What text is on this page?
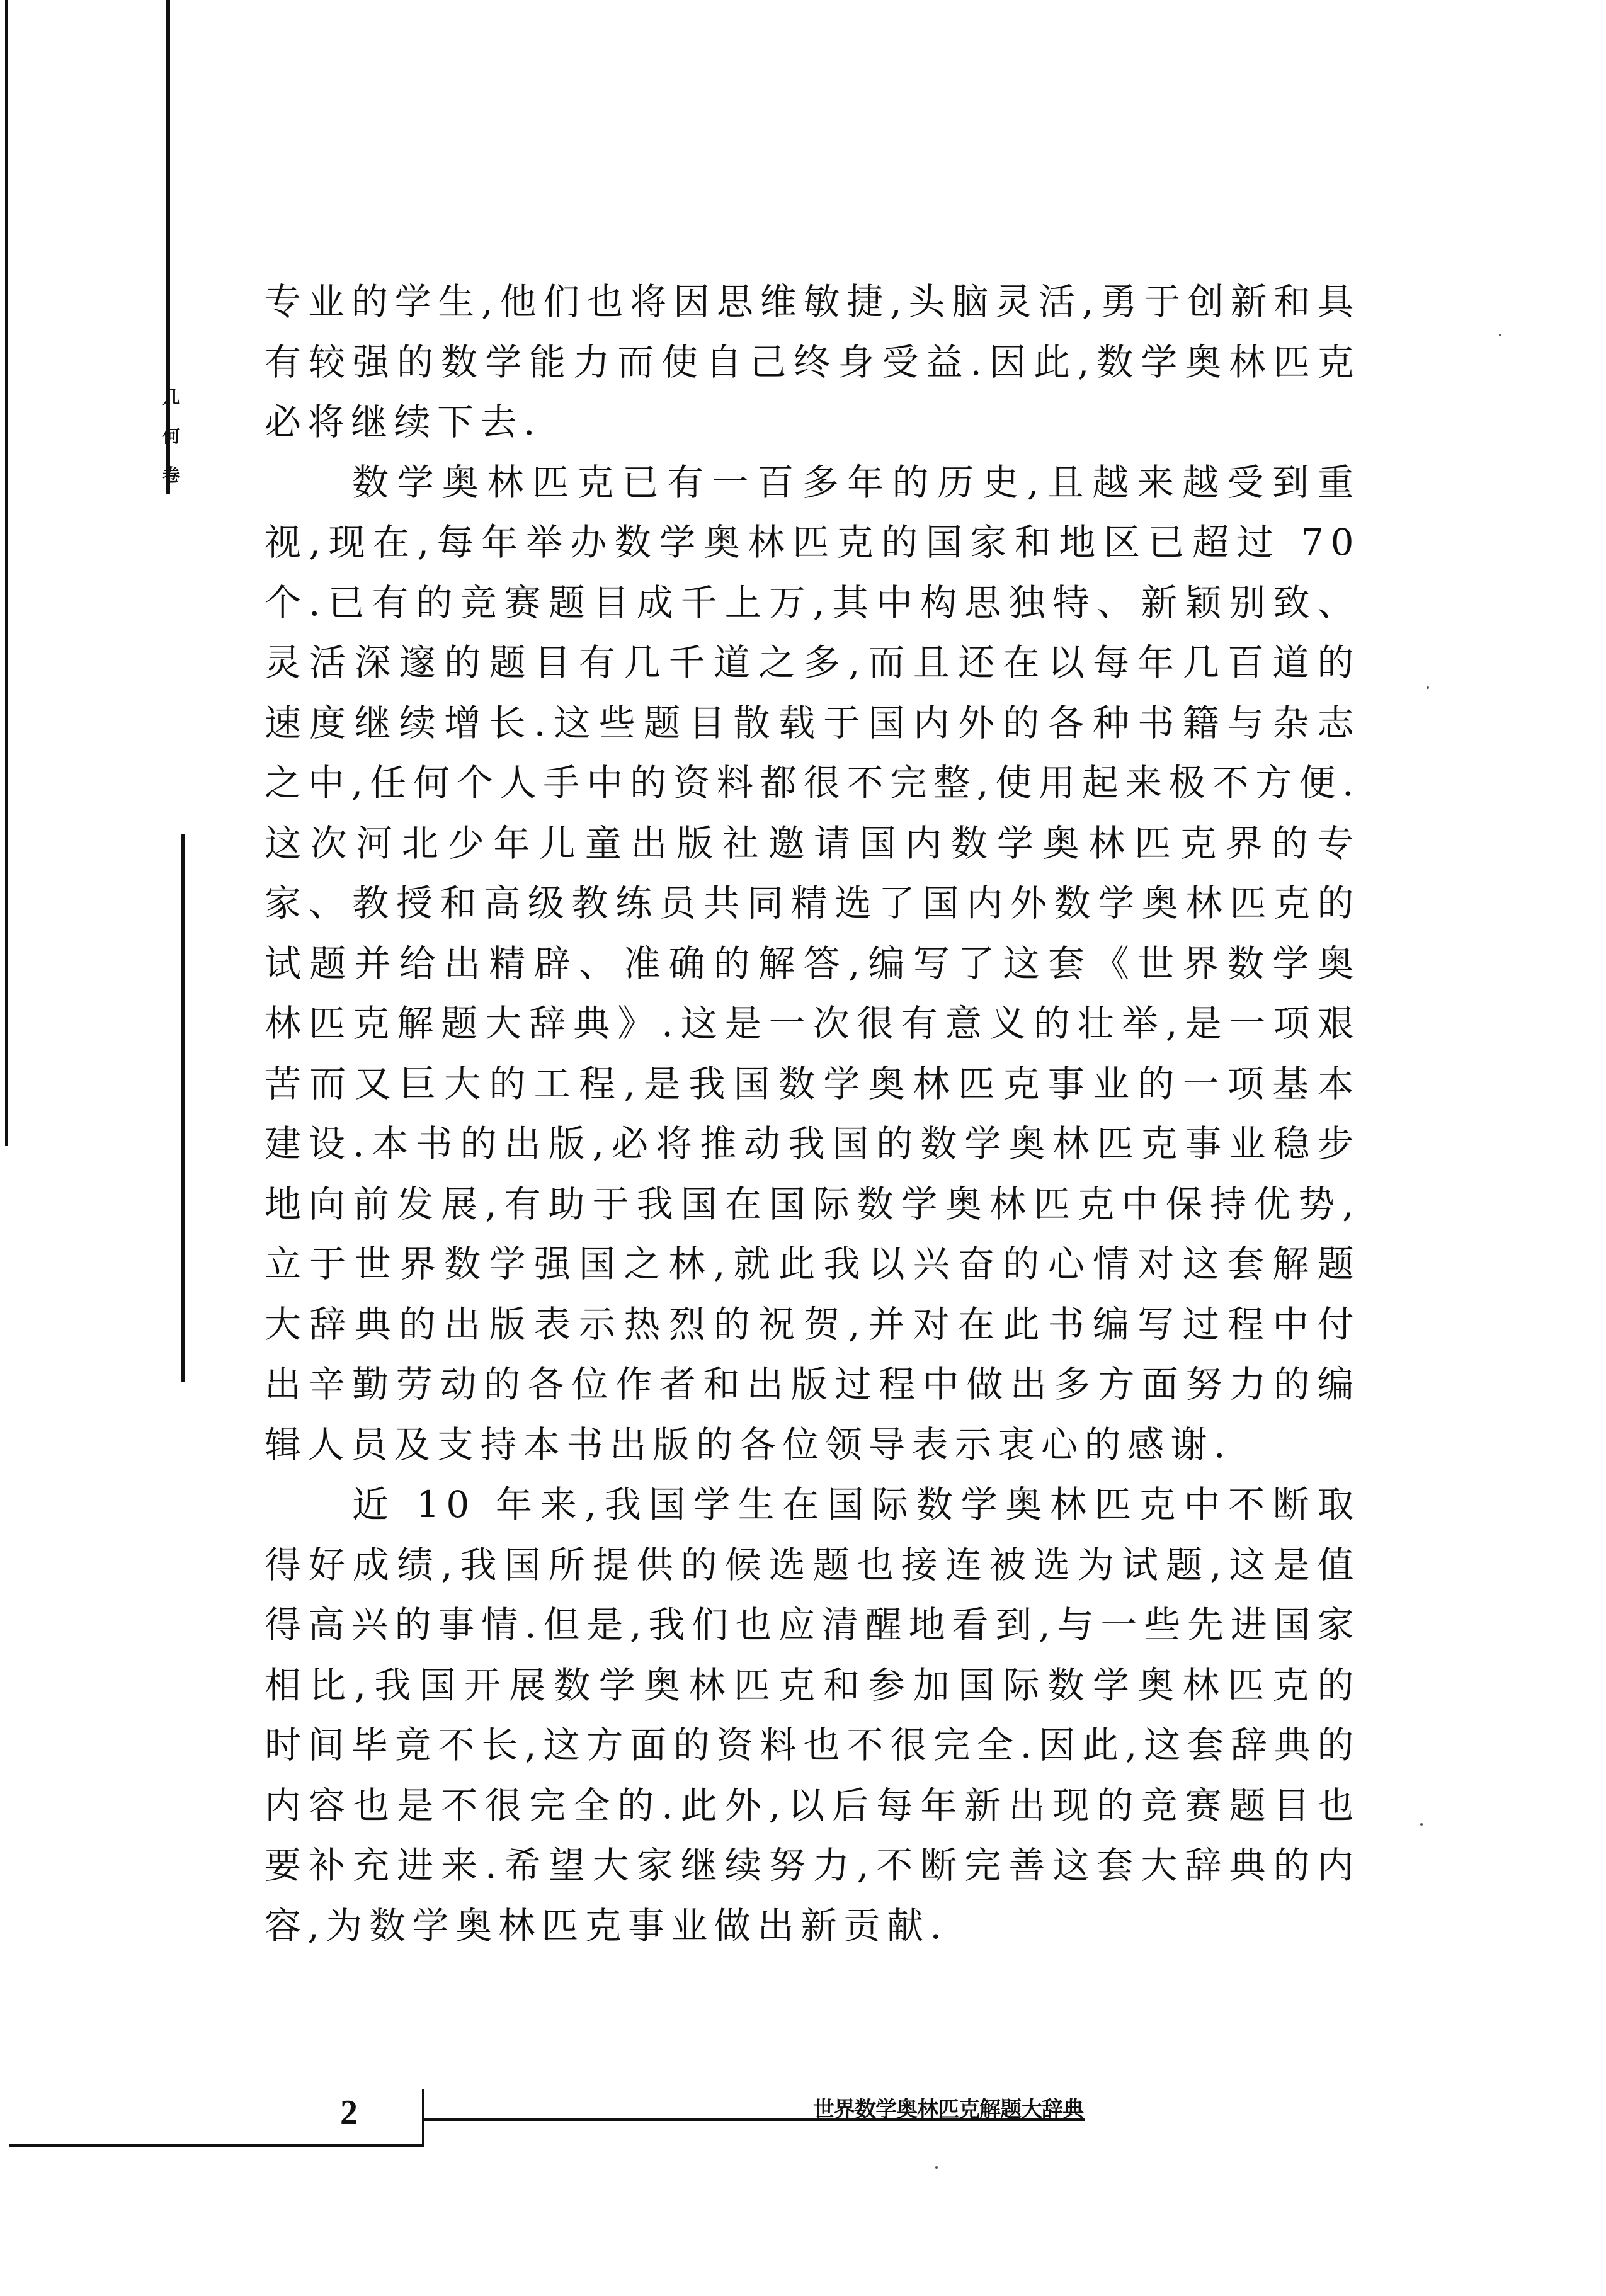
几
何
卷

专业的学生,他们也将因思维敏捷,头脑灵活,勇于创新和具有较强的数学能力而使自己终身受益.因此,数学奥林匹克必将继续下去.

数学奥林匹克已有一百多年的历史,且越来越受到重视,现在,每年举办数学奥林匹克的国家和地区已超过 70 个.已有的竞赛题目成千上万,其中构思独特、新颖别致、灵活深邃的题目有几千道之多,而且还在以每年几百道的速度继续增长.这些题目散载于国内外的各种书籍与杂志之中,任何个人手中的资料都很不完整,使用起来极不方便.这次河北少年儿童出版社邀请国内数学奥林匹克界的专家、教授和高级教练员共同精选了国内外数学奥林匹克的试题并给出精辟、准确的解答,编写了这套《世界数学奥林匹克解题大辞典》.这是一次很有意义的壮举,是一项艰苦而又巨大的工程,是我国数学奥林匹克事业的一项基本建设.本书的出版,必将推动我国的数学奥林匹克事业稳步地向前发展,有助于我国在国际数学奥林匹克中保持优势,立于世界数学强国之林,就此我以兴奋的心情对这套解题大辞典的出版表示热烈的祝贺,并对在此书编写过程中付出辛勤劳动的各位作者和出版过程中做出多方面努力的编辑人员及支持本书出版的各位领导表示衷心的感谢.

近 10 年来,我国学生在国际数学奥林匹克中不断取得好成绩,我国所提供的候选题也接连被选为试题,这是值得高兴的事情.但是,我们也应清醒地看到,与一些先进国家相比,我国开展数学奥林匹克和参加国际数学奥林匹克的时间毕竟不长,这方面的资料也不很完全.因此,这套辞典的内容也是不很完全的.此外,以后每年新出现的竞赛题目也要补充进来.希望大家继续努力,不断完善这套大辞典的内容,为数学奥林匹克事业做出新贡献.

2	世界数学奥林匹克解题大辞典
